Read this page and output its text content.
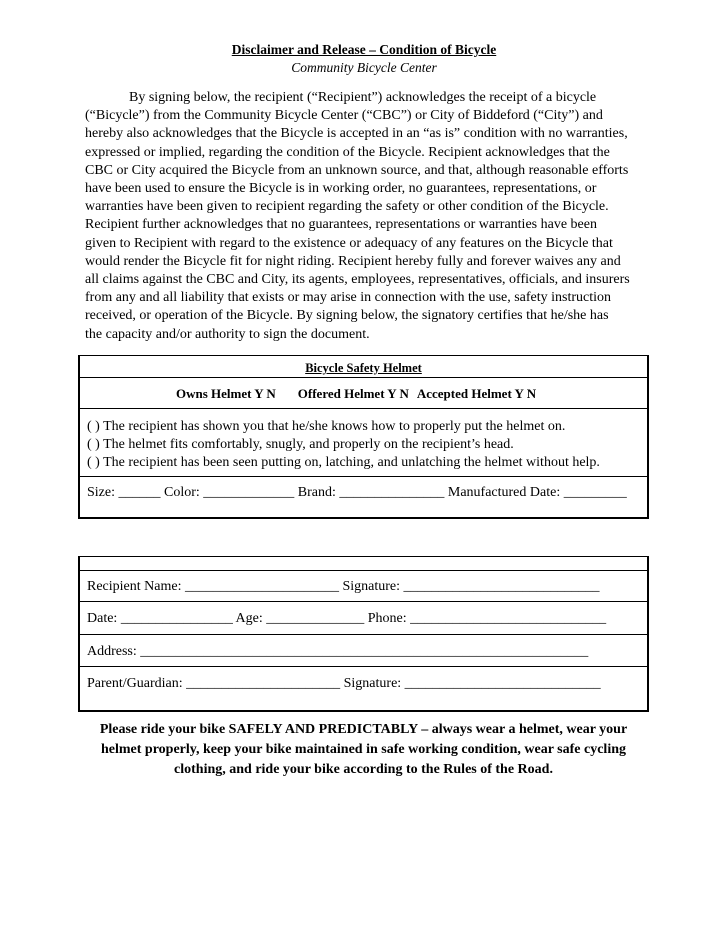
Disclaimer and Release – Condition of Bicycle
Community Bicycle Center
By signing below, the recipient (“Recipient”) acknowledges the receipt of a bicycle
(“Bicycle”) from the Community Bicycle Center (“CBC”) or City of Biddeford (“City”) and
hereby also acknowledges that the Bicycle is accepted in an “as is” condition with no warranties,
expressed or implied, regarding the condition of the Bicycle. Recipient acknowledges that the
CBC or City acquired the Bicycle from an unknown source, and that, although reasonable efforts
have been used to ensure the Bicycle is in working order, no guarantees, representations, or
warranties have been given to recipient regarding the safety or other condition of the Bicycle.
Recipient further acknowledges that no guarantees, representations or warranties have been
given to Recipient with regard to the existence or adequacy of any features on the Bicycle that
would render the Bicycle fit for night riding. Recipient hereby fully and forever waives any and
all claims against the CBC and City, its agents, employees, representatives, officials, and insurers
from any and all liability that exists or may arise in connection with the use, safety instruction
received, or operation of the Bicycle. By signing below, the signatory certifies that he/she has
the capacity and/or authority to sign the document.
Bicycle Safety Helmet
Owns Helmet Y N Offered Helmet Y N Accepted Helmet Y N
( ) The recipient has shown you that he/she knows how to properly put the helmet on.
( ) The helmet fits comfortably, snugly, and properly on the recipient’s head.
( ) The recipient has been seen putting on, latching, and unlatching the helmet without help.
Size: ______ Color: _____________ Brand: _______________ Manufactured Date: _________
Recipient Name: ______________________ Signature: ____________________________
Date: ________________ Age: ______________ Phone: ____________________________
Address: ________________________________________________________________
Parent/Guardian: ______________________ Signature: ____________________________
Please ride your bike SAFELY AND PREDICTABLY – always wear a helmet, wear your
helmet properly, keep your bike maintained in safe working condition, wear safe cycling
clothing, and ride your bike according to the Rules of the Road.
